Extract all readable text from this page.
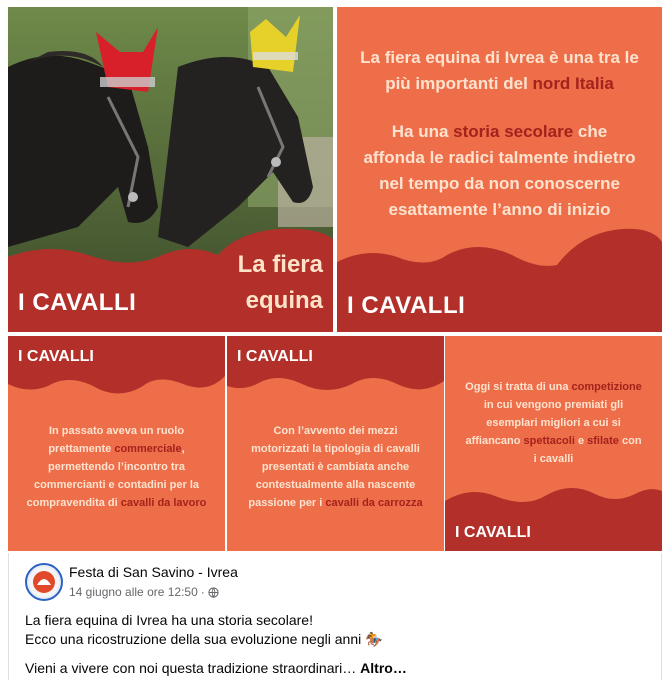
I CAVALLI
La fiera
equina
La fiera equina di Ivrea è una tra le
più importanti del nord Italia
Ha una storia secolare che
affonda le radici talmente indietro
nel tempo da non conoscerne
esattamente l’anno di inizio
I CAVALLI
I CAVALLI
In passato aveva un ruolo
prettamente commerciale,
permettendo l’incontro tra
commercianti e contadini per la
compravendita di cavalli da lavoro
I CAVALLI
Con l’avvento dei mezzi
motorizzati la tipologia di cavalli
presentati è cambiata anche
contestualmente alla nascente
passione per i cavalli da carrozza
Oggi si tratta di una competizione
in cui vengono premiati gli
esemplari migliori a cui si
affiancano spettacoli e sfilate con
i cavalli
I CAVALLI
Festa di San Savino - Ivrea
14 giugno alle ore 12:50 ·
La fiera equina di Ivrea ha una storia secolare!
Ecco una ricostruzione della sua evoluzione negli anni 🏇
Vieni a vivere con noi questa tradizione straordinari… Altro…
